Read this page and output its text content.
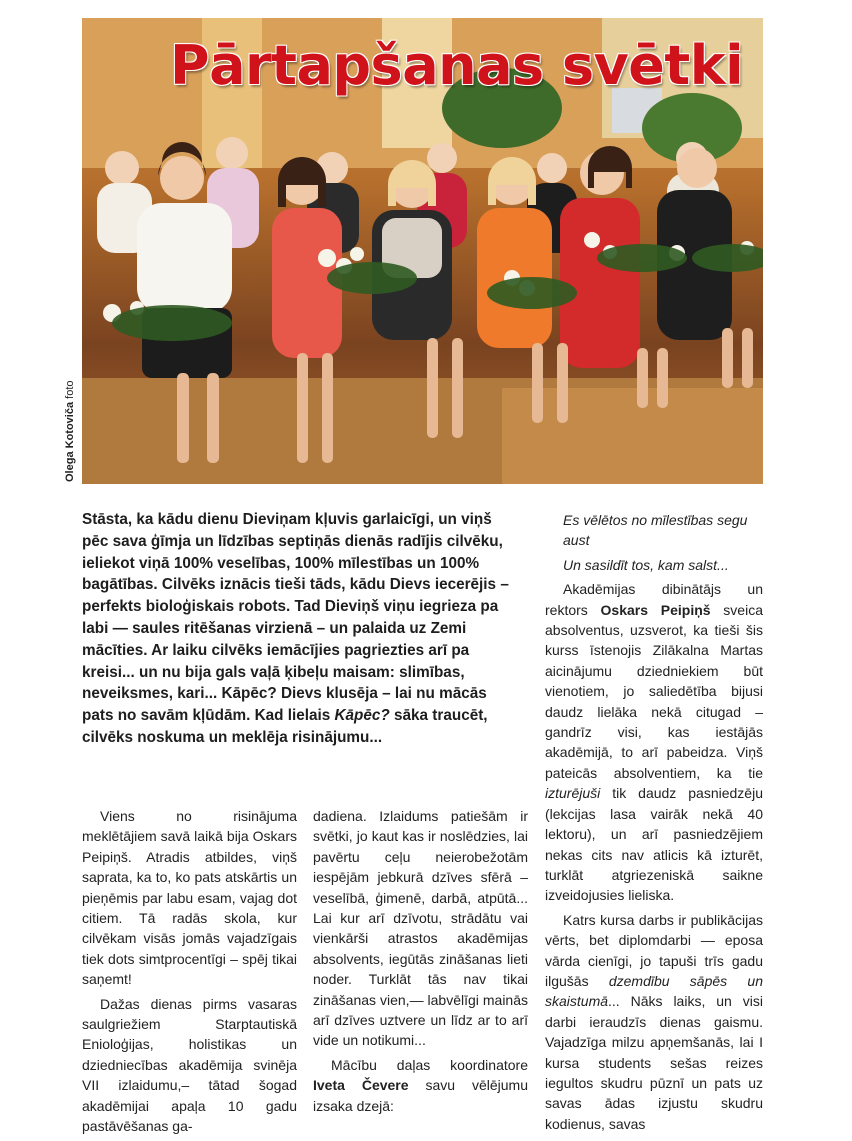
Pārtapšanas svētki
Olega Kotoviča foto

Stāsta, ka kādu dienu Dieviņam kļuvis garlaicīgi, un viņš pēc sava ģīmja un līdzības septiņās dienās radījis cilvēku, ieliekot viņā 100% veselības, 100% mīlestības un 100% bagātības. Cilvēks iznācis tieši tāds, kādu Dievs iecerējis – perfekts bioloģiskais robots. Tad Dieviņš viņu iegrieza pa labi — saules ritēšanas virzienā – un palaida uz Zemi mācīties. Ar laiku cilvēks iemācījies pagriezties arī pa kreisi... un nu bija gals vaļā ķibeļu maisam: slimības, neveiksmes, kari... Kāpēc? Dievs klusēja – lai nu mācās pats no savām kļūdām. Kad lielais Kāpēc? sāka traucēt, cilvēks noskuma un meklēja risinājumu...

Viens no risinājuma meklētājiem savā laikā bija Oskars Peipiņš. Atradis atbildes, viņš saprata, ka to, ko pats atskārtis un pieņēmis par labu esam, vajag dot citiem. Tā radās skola, kur cilvēkam visās jomās vajadzīgais tiek dots simtprocentīgi – spēj tikai saņemt!

Dažas dienas pirms vasaras saulgriežiem Starptautiskā Enioloģijas, holistikas un dziedniecības akadēmija svinēja VII izlaidumu,– tātad šogad akadēmijai apaļa 10 gadu pastāvēšanas ga-

dadiena. Izlaidums patiešām ir svētki, jo kaut kas ir noslēdzies, lai pavērtu ceļu neierobežotām iespējām jebkurā dzīves sfērā – veselībā, ģimenē, darbā, atpūtā... Lai kur arī dzīvotu, strādātu vai vienkārši atrastos akadēmijas absolvents, iegūtās zināšanas lieti noder. Turklāt tās nav tikai zināšanas vien,— labvēlīgi mainās arī dzīves uztvere un līdz ar to arī vide un notikumi...

Mācību daļas koordinatore Iveta Čevere savu vēlējumu izsaka dzejā:

Es vēlētos no mīlestības segu aust

Un sasildīt tos, kam salst...

Akadēmijas dibinātājs un rektors Oskars Peipiņš sveica absolventus, uzsverot, ka tieši šis kurss īstenojis Zilākalna Martas aicinājumu dziedniekiem būt vienotiem, jo saliedētība bijusi daudz lielāka nekā citugad – gandrīz visi, kas iestājās akadēmijā, to arī pabeidza. Viņš pateicās absolventiem, ka tie izturējuši tik daudz pasniedzēju (lekcijas lasa vairāk nekā 40 lektoru), un arī pasniedzējiem nekas cits nav atlicis kā izturēt, turklāt atgriezeniskā saikne izveidojusies lieliska.

Katrs kursa darbs ir publikācijas vērts, bet diplomdarbi — eposa vārda cienīgi, jo tapuši trīs gadu ilgušās dzemdību sāpēs un skaistumā... Nāks laiks, un visi darbi ieraudzīs dienas gaismu. Vajadzīga milzu apņemšanās, lai I kursa students sešas reizes iegultos skudru pūznī un pats uz savas ādas izjustu skudru kodienus, savas
